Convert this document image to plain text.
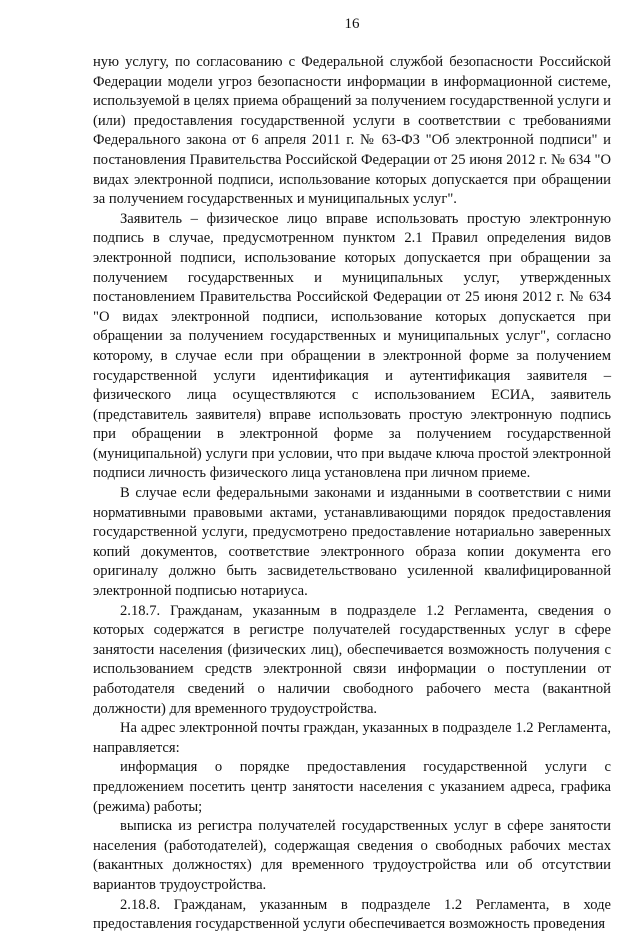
16

ную услугу, по согласованию с Федеральной службой безопасности Российской Федерации модели угроз безопасности информации в информационной системе, используемой в целях приема обращений за получением государственной услуги и (или) предоставления государственной услуги в соответствии с требованиями Федерального закона от 6 апреля 2011 г. № 63-ФЗ "Об электронной подписи" и постановления Правительства Российской Федерации от 25 июня 2012 г. № 634 "О видах электронной подписи, использование которых допускается при обращении за получением государственных и муниципальных услуг".

Заявитель – физическое лицо вправе использовать простую электронную подпись в случае, предусмотренном пунктом 2.1 Правил определения видов электронной подписи, использование которых допускается при обращении за получением государственных и муниципальных услуг, утвержденных постановлением Правительства Российской Федерации от 25 июня 2012 г. № 634 "О видах электронной подписи, использование которых допускается при обращении за получением государственных и муниципальных услуг", согласно которому, в случае если при обращении в электронной форме за получением государственной услуги идентификация и аутентификация заявителя – физического лица осуществляются с использованием ЕСИА, заявитель (представитель заявителя) вправе использовать простую электронную подпись при обращении в электронной форме за получением государственной (муниципальной) услуги при условии, что при выдаче ключа простой электронной подписи личность физического лица установлена при личном приеме.

В случае если федеральными законами и изданными в соответствии с ними нормативными правовыми актами, устанавливающими порядок предоставления государственной услуги, предусмотрено предоставление нотариально заверенных копий документов, соответствие электронного образа копии документа его оригиналу должно быть засвидетельствовано усиленной квалифицированной электронной подписью нотариуса.

2.18.7. Гражданам, указанным в подразделе 1.2 Регламента, сведения о которых содержатся в регистре получателей государственных услуг в сфере занятости населения (физических лиц), обеспечивается возможность получения с использованием средств электронной связи информации о поступлении от работодателя сведений о наличии свободного рабочего места (вакантной должности) для временного трудоустройства.

На адрес электронной почты граждан, указанных в подразделе 1.2 Регламента, направляется:

информация о порядке предоставления государственной услуги с предложением посетить центр занятости населения с указанием адреса, графика (режима) работы;

выписка из регистра получателей государственных услуг в сфере занятости населения (работодателей), содержащая сведения о свободных рабочих местах (вакантных должностях) для временного трудоустройства или об отсутствии вариантов трудоустройства.

2.18.8. Гражданам, указанным в подразделе 1.2 Регламента, в ходе предоставления государственной услуги обеспечивается возможность проведения
